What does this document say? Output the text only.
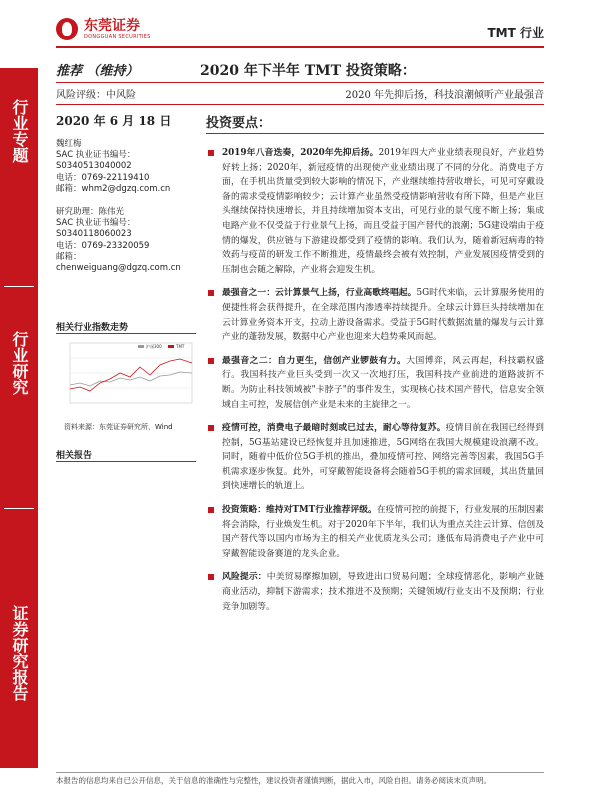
东莞证券
DONGGUAN SECURITIES	TMT 行业
行业专题
行业研究
证券研究报告
推荐 （维持）	2020 年下半年 TMT 投资策略：
风险评级：中风险	2020 年先抑后扬，科技浪潮倾听产业最强音
2020 年 6 月 18 日
魏红梅
SAC 执业证书编号：
S0340513040002
电话：0769-22119410
邮箱：whm2@dgzq.com.cn
研究助理：陈伟光
SAC 执业证书编号：
S0340118060023
电话：0769-23320059
邮箱：
chenweiguang@dgzq.com.cn
相关行业指数走势
沪深300	TMT
资料来源：东莞证券研究所，Wind
相关报告
投资要点：
2019年八音迭奏，2020年先抑后扬。2019年四大产业业绩表现良好，产业趋势好转上扬；2020年，新冠疫情的出现使产业业绩出现了不同的分化。消费电子方面，在手机出货量受到较大影响的情况下，产业继续维持营收增长，可见可穿戴设备的需求受疫情影响较少；云计算产业虽然受疫情影响营收有所下降，但是产业巨头继续保持快速增长，并且持续增加资本支出，可见行业的景气度不断上扬；集成电路产业不仅受益于行业景气上扬，而且受益于国产替代的浪潮；5G建设端由于疫情的爆发，供应链与下游建设都受到了疫情的影响。我们认为，随着新冠病毒的特效药与疫苗的研发工作不断推进，疫情最终会被有效控制，产业发展因疫情受到的压制也会随之解除，产业将会迎发生机。
最强音之一：云计算景气上扬，行业高歌终唱起。5G时代来临，云计算服务使用的便捷性将会获得提升，在全球范围内渗透率持续提升。全球云计算巨头持续增加在云计算业务资本开支，拉动上游设备需求。受益于5G时代数据流量的爆发与云计算产业的蓬勃发展，数据中心产业也迎来大趋势乘风而起。
最强音之二：自力更生，信创产业锣鼓有力。大国博弈，风云再起，科技霸权盛行。我国科技产业巨头受到一次又一次地打压，我国科技产业前进的道路波折不断。为防止科技领域被"卡脖子"的事件发生，实现核心技术国产替代，信息安全领域自主可控，发展信创产业是未来的主旋律之一。
疫情可控，消费电子最暗时刻或已过去，耐心等待复苏。疫情目前在我国已经得到控制，5G基站建设已经恢复并且加速推进，5G网络在我国大规模建设浪潮不改。同时，随着中低价位5G手机的推出，叠加疫情可控、网络完善等因素，我国5G手机需求逐步恢复。此外，可穿戴智能设备将会随着5G手机的需求回暖，其出货量回到快速增长的轨道上。
投资策略：维持对TMT行业推荐评级。在疫情可控的前提下，行业发展的压制因素将会消除，行业焕发生机。对于2020年下半年，我们认为重点关注云计算、信创及国产替代等以国内市场为主的相关产业优质龙头公司；逢低布局消费电子产业中可穿戴智能设备赛道的龙头企业。
风险提示：中美贸易摩擦加剧，导致进出口贸易问题；全球疫情恶化，影响产业链商业活动，抑制下游需求；技术推进不及预期；关键领域/行业支出不及预期；行业竞争加剧等。
本报告的信息均来自已公开信息，关于信息的准确性与完整性，建议投资者谨慎判断，据此入市，风险自担。请务必阅读末页声明。
